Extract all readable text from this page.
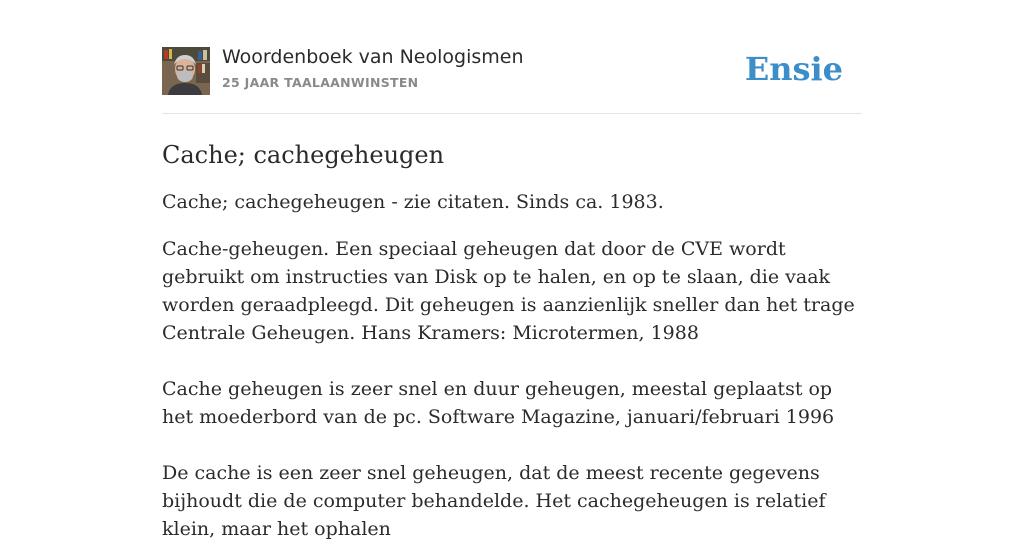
Woordenboek van Neologismen
25 JAAR TAALAANWINSTEN	Ensie
Cache; cachegeheugen

Cache; cachegeheugen - zie citaten. Sinds ca. 1983.

Cache-geheugen. Een speciaal geheugen dat door de CVE wordt gebruikt om instructies van Disk op te halen, en op te slaan, die vaak worden geraadpleegd. Dit geheugen is aanzienlijk sneller dan het trage Centrale Geheugen. Hans Kramers: Microtermen, 1988

Cache geheugen is zeer snel en duur geheugen, meestal geplaatst op het moederbord van de pc. Software Magazine, januari/februari 1996

De cache is een zeer snel geheugen, dat de meest recente gegevens bijhoudt die de computer behandelde. Het cachegeheugen is relatief klein, maar het ophalen
